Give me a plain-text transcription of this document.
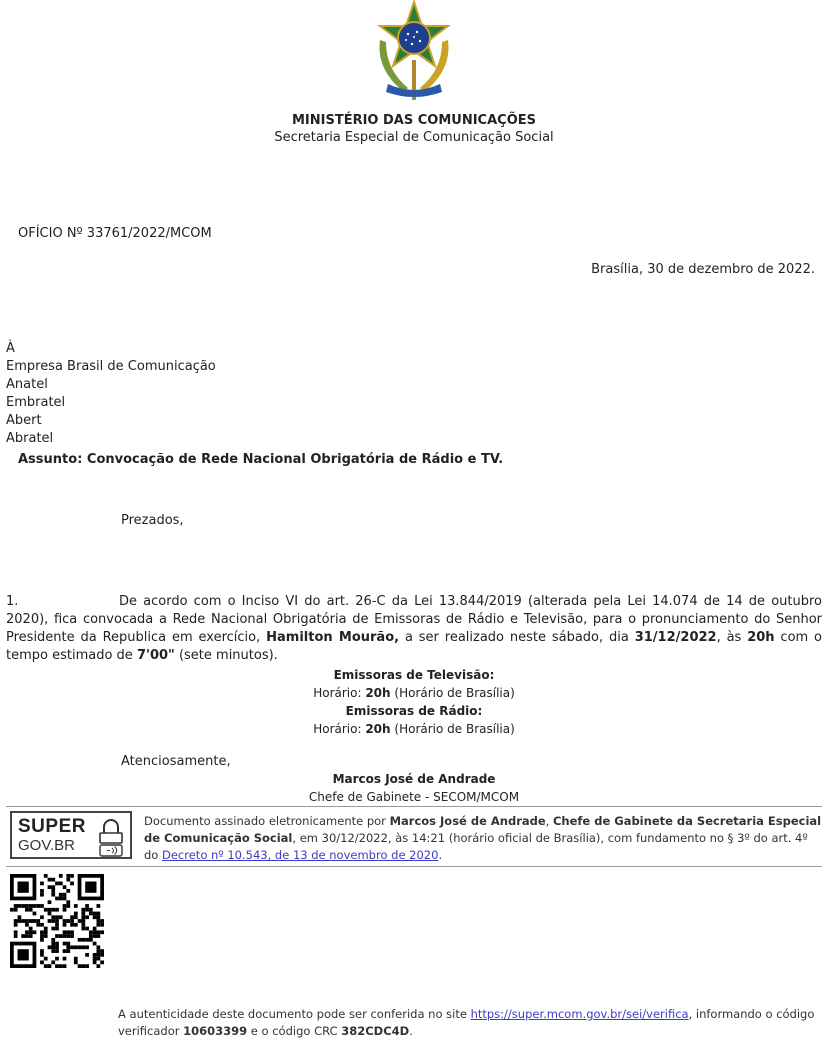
MINISTÉRIO DAS COMUNICAÇÕES
Secretaria Especial de Comunicação Social
OFÍCIO Nº 33761/2022/MCOM
Brasília, 30 de dezembro de 2022.
À
Empresa Brasil de Comunicação
Anatel
Embratel
Abert
Abratel
Assunto: Convocação de Rede Nacional Obrigatória de Rádio e TV.
Prezados,
1.	De acordo com o Inciso VI do art. 26-C da Lei 13.844/2019 (alterada pela Lei 14.074 de 14 de outubro 2020), fica convocada a Rede Nacional Obrigatória de Emissoras de Rádio e Televisão, para o pronunciamento do Senhor Presidente da Republica em exercício, Hamilton Mourão, a ser realizado neste sábado, dia 31/12/2022, às 20h com o tempo estimado de 7'00" (sete minutos).
Emissoras de Televisão:
Horário: 20h (Horário de Brasília)
Emissoras de Rádio:
Horário: 20h (Horário de Brasília)
Atenciosamente,
Marcos José de Andrade
Chefe de Gabinete - SECOM/MCOM
SUPER
GOV.BR
Documento assinado eletronicamente por Marcos José de Andrade, Chefe de Gabinete da Secretaria Especial de Comunicação Social, em 30/12/2022, às 14:21 (horário oficial de Brasília), com fundamento no § 3º do art. 4º do Decreto nº 10.543, de 13 de novembro de 2020.
A autenticidade deste documento pode ser conferida no site https://super.mcom.gov.br/sei/verifica, informando o código verificador 10603399 e o código CRC 382CDC4D.
